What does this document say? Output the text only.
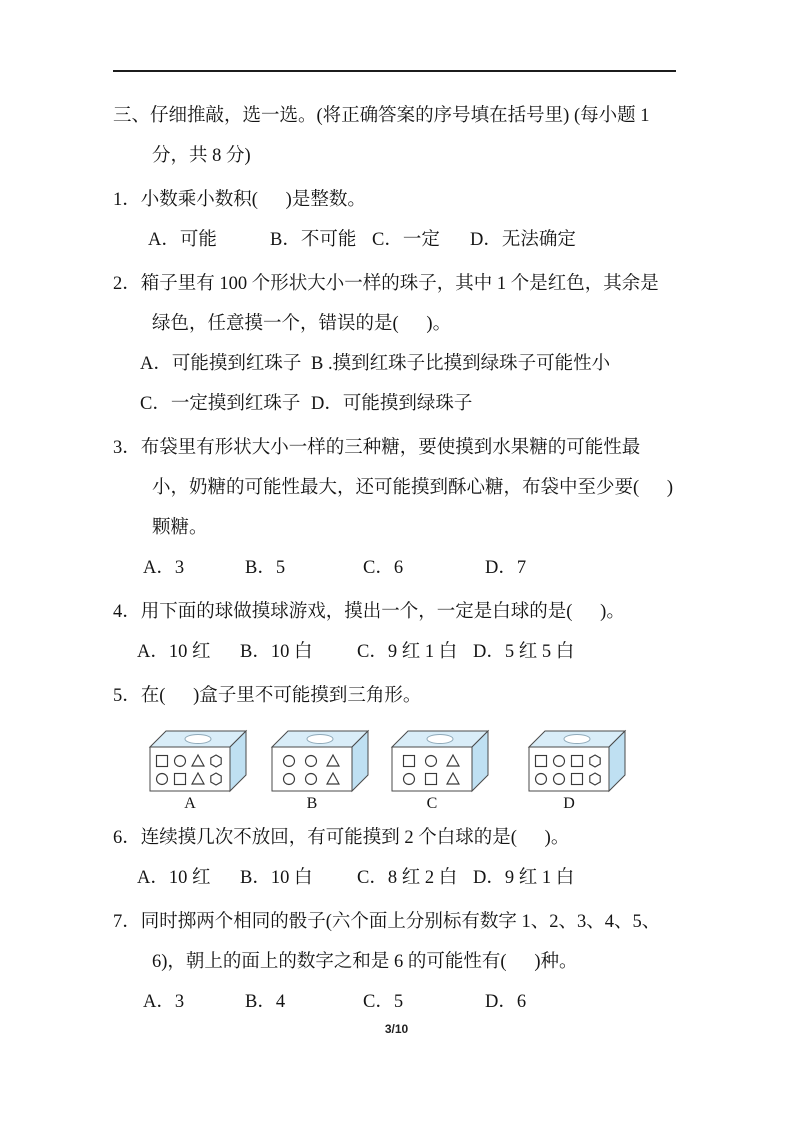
三、仔细推敲，选一选。(将正确答案的序号填在括号里) (每小题 1
分，共 8 分)
1．小数乘小数积(      )是整数。
A．可能	B．不可能 C．一定	D．无法确定
2．箱子里有 100 个形状大小一样的珠子，其中 1 个是红色，其余是
绿色，任意摸一个，错误的是(      )。
A．可能摸到红珠子 B .摸到红珠子比摸到绿珠子可能性小
C．一定摸到红珠子 D．可能摸到绿珠子
3．布袋里有形状大小一样的三种糖，要使摸到水果糖的可能性最
小，奶糖的可能性最大，还可能摸到酥心糖，布袋中至少要(      )
颗糖。
A．3	B．5	C．6	D．7
4．用下面的球做摸球游戏，摸出一个，一定是白球的是(      )。
A．10 红	B．10 白	C．9 红 1 白 D．5 红 5 白
5．在(      )盒子里不可能摸到三角形。
A	B	C	D
6．连续摸几次不放回，有可能摸到 2 个白球的是(      )。
A．10 红	B．10 白	C．8 红 2 白 D．9 红 1 白
7．同时掷两个相同的骰子(六个面上分别标有数字 1、2、3、4、5、
6)，朝上的面上的数字之和是 6 的可能性有(      )种。
A．3	B．4	C．5	D．6
3/10
